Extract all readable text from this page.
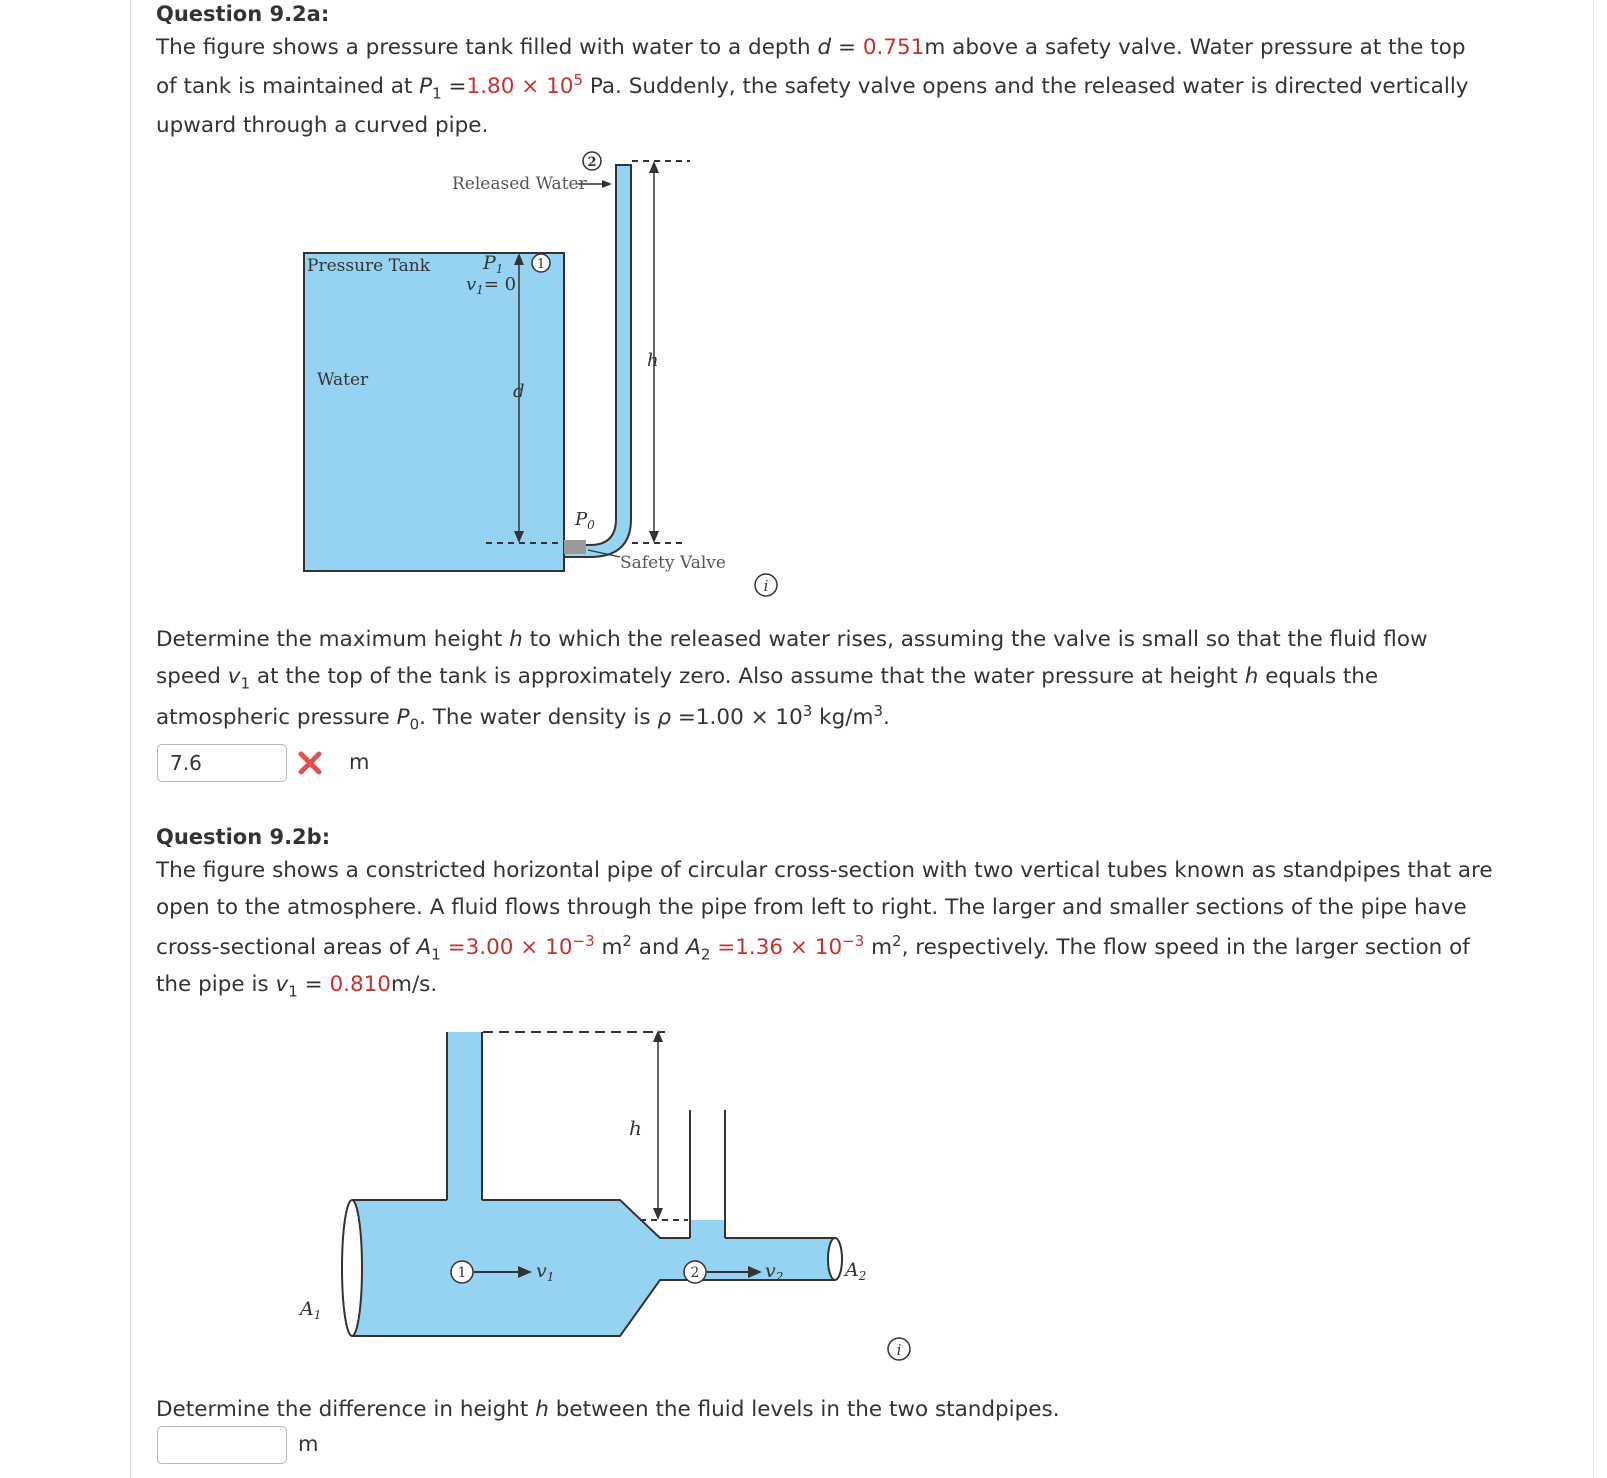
Question 9.2a:
The figure shows a pressure tank filled with water to a depth d = 0.751m above a safety valve. Water pressure at the top
of tank is maintained at $P_1 =1.80 \times 10^5$ Pa. Suddenly, the safety valve opens and the released water is directed vertically
upward through a curved pipe.
1
2
Released Water
Pressure Tank
Water
$P_1$
$v_1= 0$
d
h
$P_0$
Safety Valve
i
Determine the maximum height h to which the released water rises, assuming the valve is small so that the fluid flow
speed $v_1$ at the top of the tank is approximately zero. Also assume that the water pressure at height h equals the
atmospheric pressure $P_0$. The water density is $\rho =1.00 \times 10^3$ $kg/m^3$.
7.6	m
Question 9.2b:
The figure shows a constricted horizontal pipe of circular cross-section with two vertical tubes known as standpipes that are
open to the atmosphere. A fluid flows through the pipe from left to right. The larger and smaller sections of the pipe have
cross-sectional areas of $A_1 =3.00 \times 10^{-3}$ $m^2$ and $A_2 =1.36 \times 10^{-3}$ $m^2$, respectively. The flow speed in the larger section of
the pipe is $v_1 = 0.810m/s$.
h
1	$v_1$	2	$v_2$	$A_2$
$A_1$
i
Determine the difference in height h between the fluid levels in the two standpipes.
m
